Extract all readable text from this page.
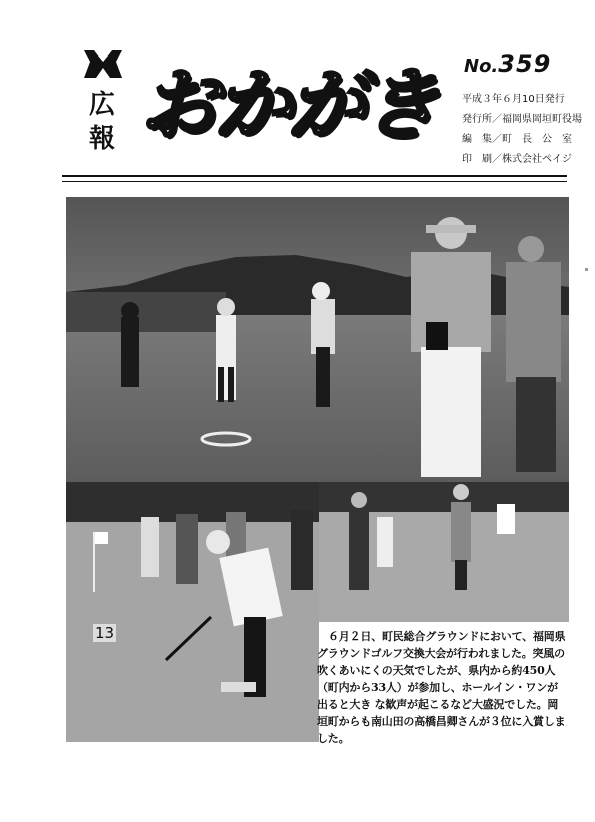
広
報 おかがき	No.359
平成３年６月10日発行
発行所／福岡県岡垣町役場
編　集／町　長　公　室
印　刷／株式会社ペイジ
13	６月２日、町民総合グラウンドにおいて、福岡県グラウンドゴルフ交換大会が行われました。突風の吹くあいにくの天気でしたが、県内から約450人（町内から33人）が参加し、ホールイン・ワンが出ると大き な歓声が起こるなど大盛況でした。岡垣町からも南山田の高橋昌卿さんが３位に入賞しました。
